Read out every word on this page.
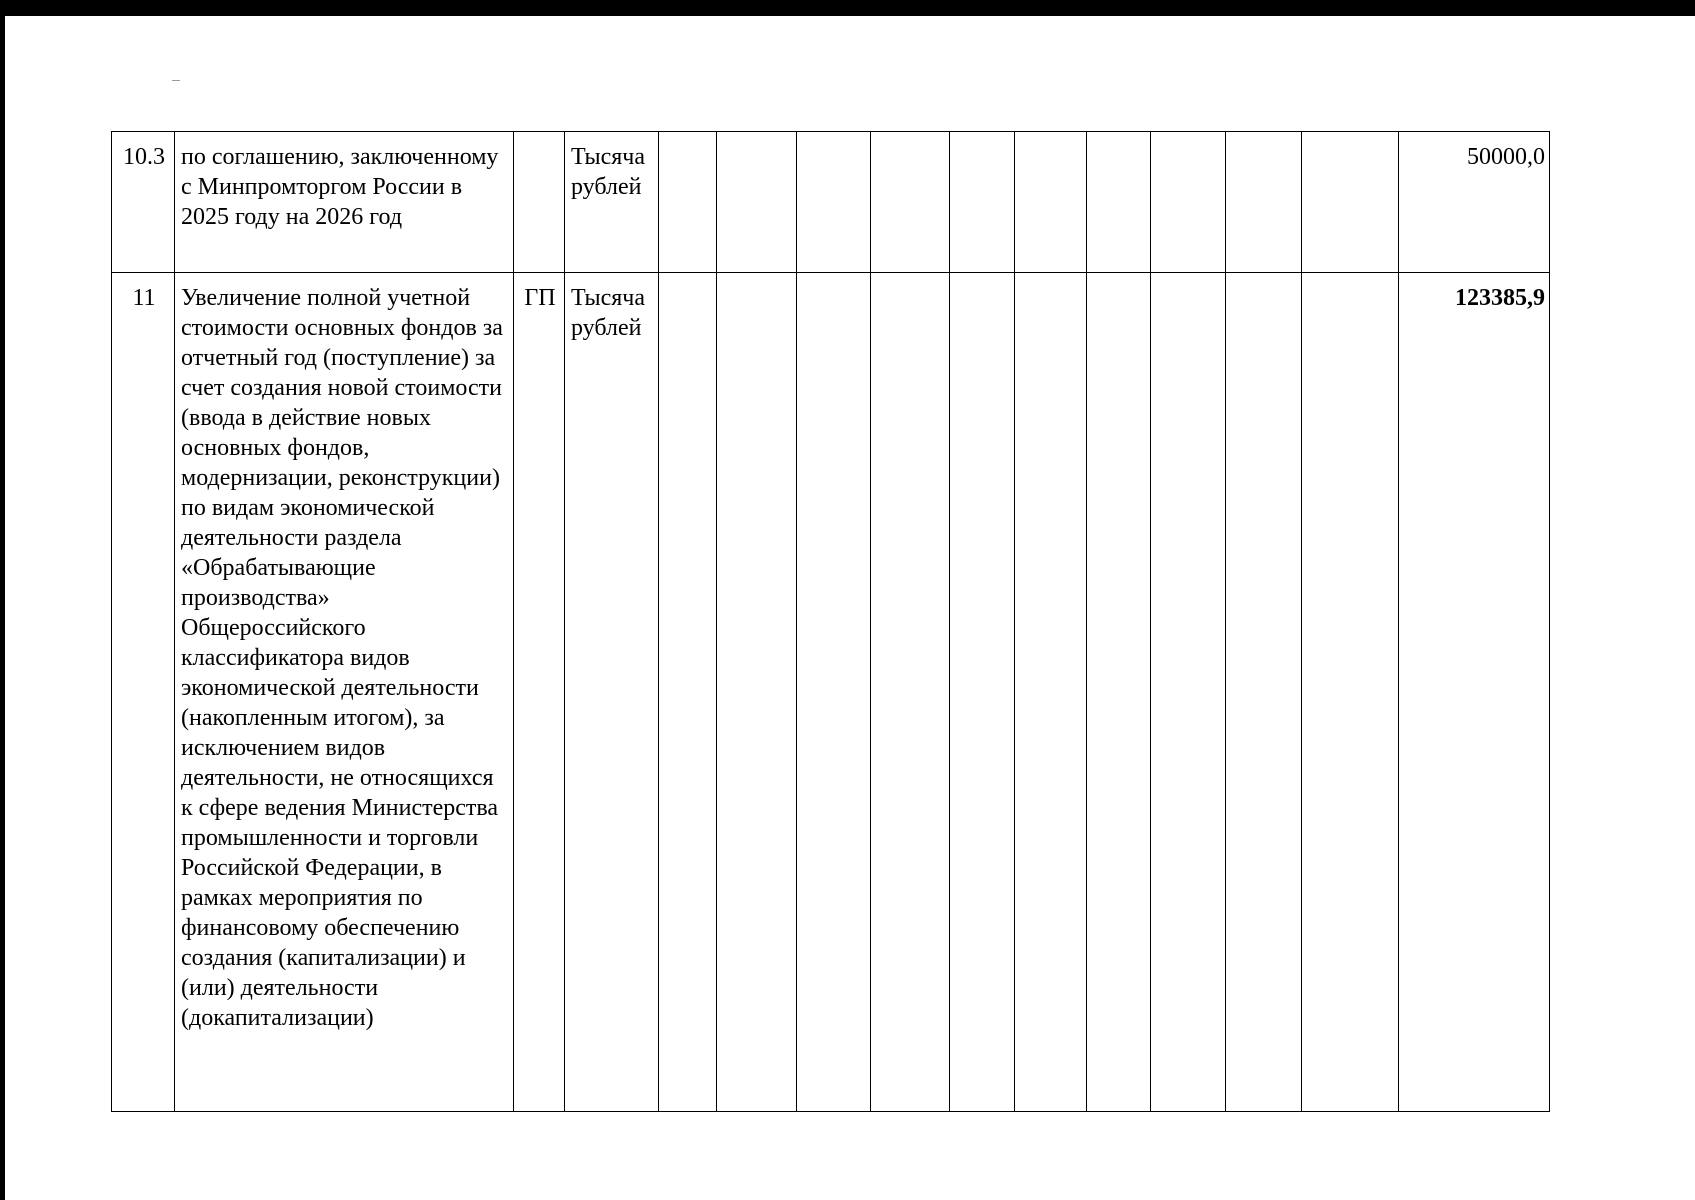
10.3	по соглашению, заключенному с Минпромторгом России в 2025 году на 2026 год		Тысяча рублей											50000,0
11	Увеличение полной учетной стоимости основных фондов за отчетный год (поступление) за счет создания новой стоимости (ввода в действие новых основных фондов, модернизации, реконструкции) по видам экономической деятельности раздела «Обрабатывающие производства» Общероссийского классификатора видов экономической деятельности (накопленным итогом), за исключением видов деятельности, не относящихся к сфере ведения Министерства промышленности и торговли Российской Федерации, в рамках мероприятия по финансовому обеспечению создания (капитализации) и (или) деятельности (докапитализации)	ГП	Тысяча рублей											123385,9
